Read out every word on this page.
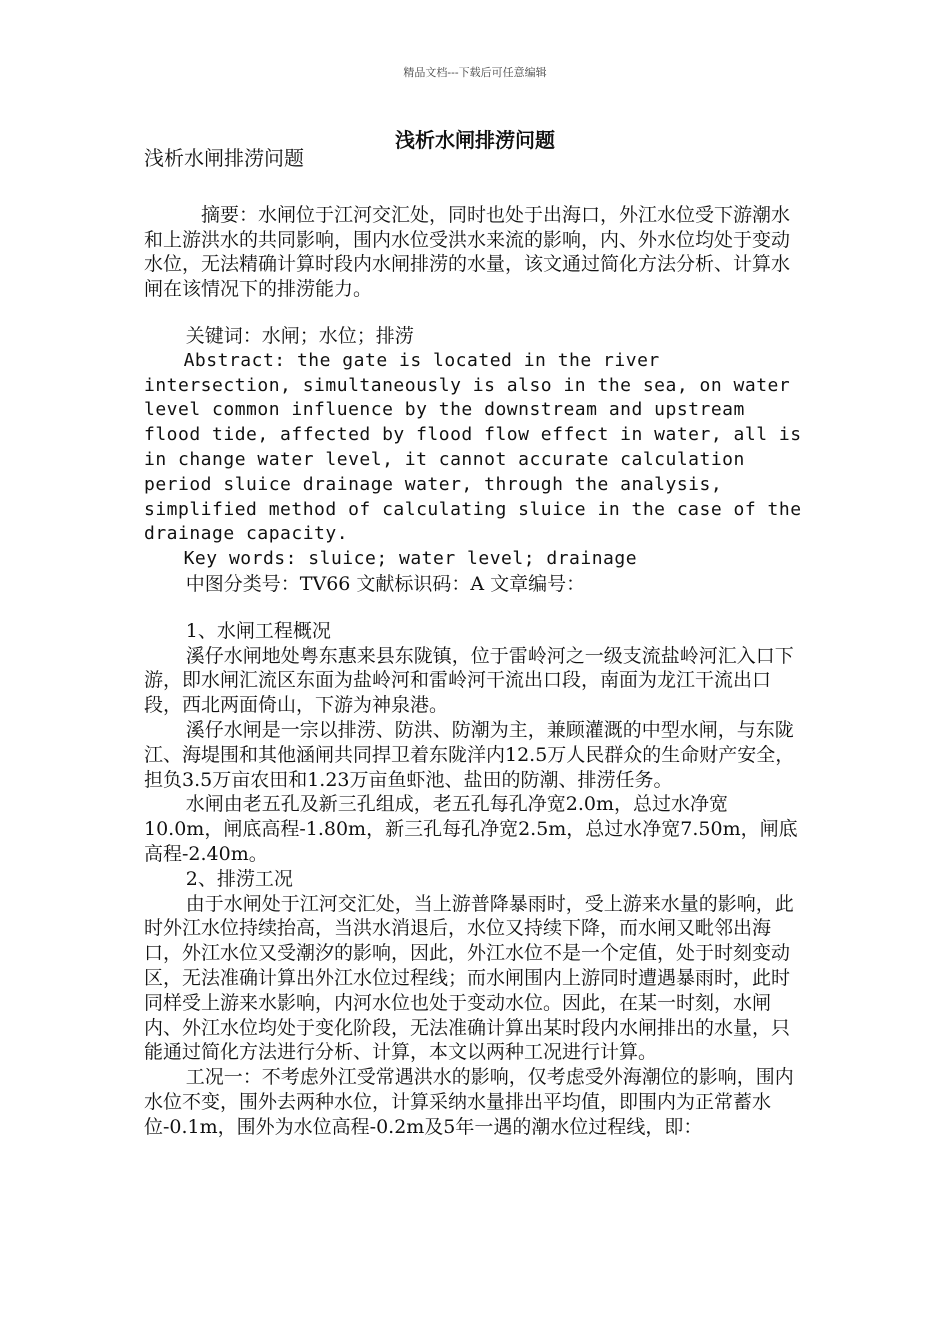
精品文档---下载后可任意编辑
浅析水闸排涝问题

浅析水闸排涝问题

摘要：水闸位于江河交汇处，同时也处于出海口，外江水位受下游潮水和上游洪水的共同影响，围内水位受洪水来流的影响，内、外水位均处于变动水位，无法精确计算时段内水闸排涝的水量，该文通过简化方法分析、计算水闸在该情况下的排涝能力。

关键词：水闸；水位；排涝

Abstract: the gate is located in the river intersection, simultaneously is also in the sea, on water level common influence by the downstream and upstream flood tide, affected by flood flow effect in water, all is in change water level, it cannot accurate calculation period sluice drainage water, through the analysis, simplified method of calculating sluice in the case of the drainage capacity.

Key words: sluice; water level; drainage

中图分类号：TV66 文献标识码：A 文章编号：

1、水闸工程概况

溪仔水闸地处粤东惠来县东陇镇，位于雷岭河之一级支流盐岭河汇入口下游，即水闸汇流区东面为盐岭河和雷岭河干流出口段，南面为龙江干流出口段，西北两面倚山，下游为神泉港。

溪仔水闸是一宗以排涝、防洪、防潮为主，兼顾灌溉的中型水闸，与东陇江、海堤围和其他涵闸共同捍卫着东陇洋内12.5万人民群众的生命财产安全，担负3.5万亩农田和1.23万亩鱼虾池、盐田的防潮、排涝任务。

水闸由老五孔及新三孔组成，老五孔每孔净宽2.0m，总过水净宽10.0m，闸底高程-1.80m，新三孔每孔净宽2.5m，总过水净宽7.50m，闸底高程-2.40m。

2、排涝工况

由于水闸处于江河交汇处，当上游普降暴雨时，受上游来水量的影响，此时外江水位持续抬高，当洪水消退后，水位又持续下降，而水闸又毗邻出海口，外江水位又受潮汐的影响，因此，外江水位不是一个定值，处于时刻变动区，无法准确计算出外江水位过程线；而水闸围内上游同时遭遇暴雨时，此时同样受上游来水影响，内河水位也处于变动水位。因此，在某一时刻，水闸内、外江水位均处于变化阶段，无法准确计算出某时段内水闸排出的水量，只能通过简化方法进行分析、计算，本文以两种工况进行计算。

工况一：不考虑外江受常遇洪水的影响，仅考虑受外海潮位的影响，围内水位不变，围外去两种水位，计算采纳水量排出平均值，即围内为正常蓄水位-0.1m，围外为水位高程-0.2m及5年一遇的潮水位过程线，即：
